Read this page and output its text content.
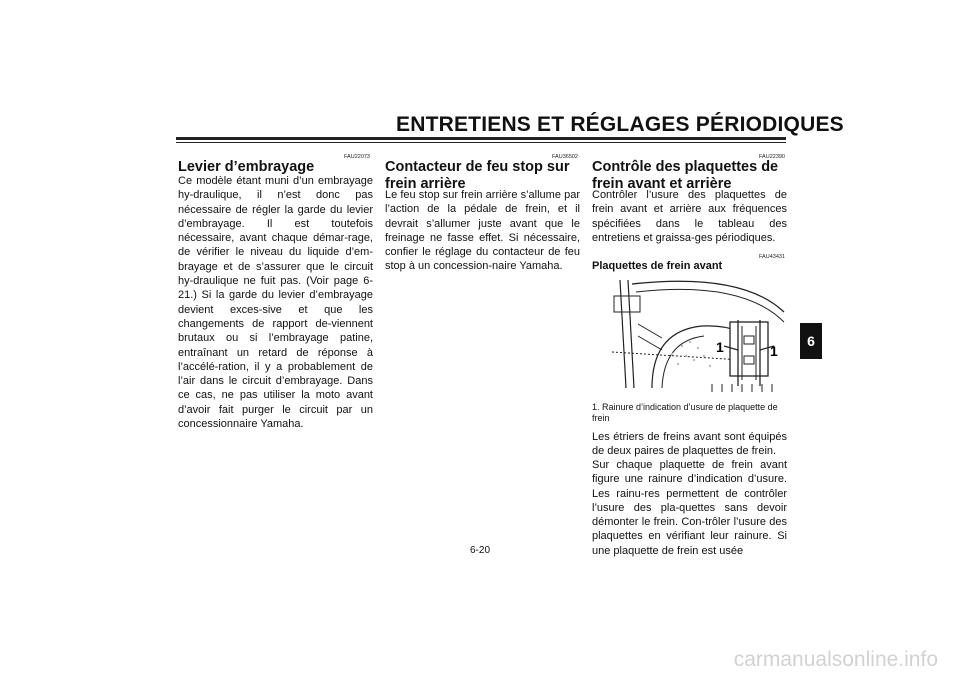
ENTRETIENS ET RÉGLAGES PÉRIODIQUES
FAU22073
Levier d’embrayage
Ce modèle étant muni d’un embrayage hy-draulique, il n’est donc pas nécessaire de régler la garde du levier d’embrayage. Il est toutefois nécessaire, avant chaque démar-rage, de vérifier le niveau du liquide d’em-brayage et de s’assurer que le circuit hy-draulique ne fuit pas. (Voir page 6-21.) Si la garde du levier d’embrayage devient exces-sive et que les changements de rapport de-viennent brutaux ou si l’embrayage patine, entraînant un retard de réponse à l’accélé-ration, il y a probablement de l’air dans le circuit d’embrayage. Dans ce cas, ne pas utiliser la moto avant d’avoir fait purger le circuit par un concessionnaire Yamaha.
FAU36502
Contacteur de feu stop sur frein arrière
Le feu stop sur frein arrière s’allume par l’action de la pédale de frein, et il devrait s’allumer juste avant que le freinage ne fasse effet. Si nécessaire, confier le réglage du contacteur de feu stop à un concession-naire Yamaha.
FAU22390
Contrôle des plaquettes de frein avant et arrière
Contrôler l’usure des plaquettes de frein avant et arrière aux fréquences spécifiées dans le tableau des entretiens et graissa-ges périodiques.
FAU43431
Plaquettes de frein avant
1	1
1. Rainure d’indication d’usure de plaquette de frein
Les étriers de freins avant sont équipés de deux paires de plaquettes de frein.
Sur chaque plaquette de frein avant figure une rainure d’indication d’usure. Les rainu-res permettent de contrôler l’usure des pla-quettes sans devoir démonter le frein. Con-trôler l’usure des plaquettes en vérifiant leur rainure. Si une plaquette de frein est usée
6
6-20
carmanualsonline.info
